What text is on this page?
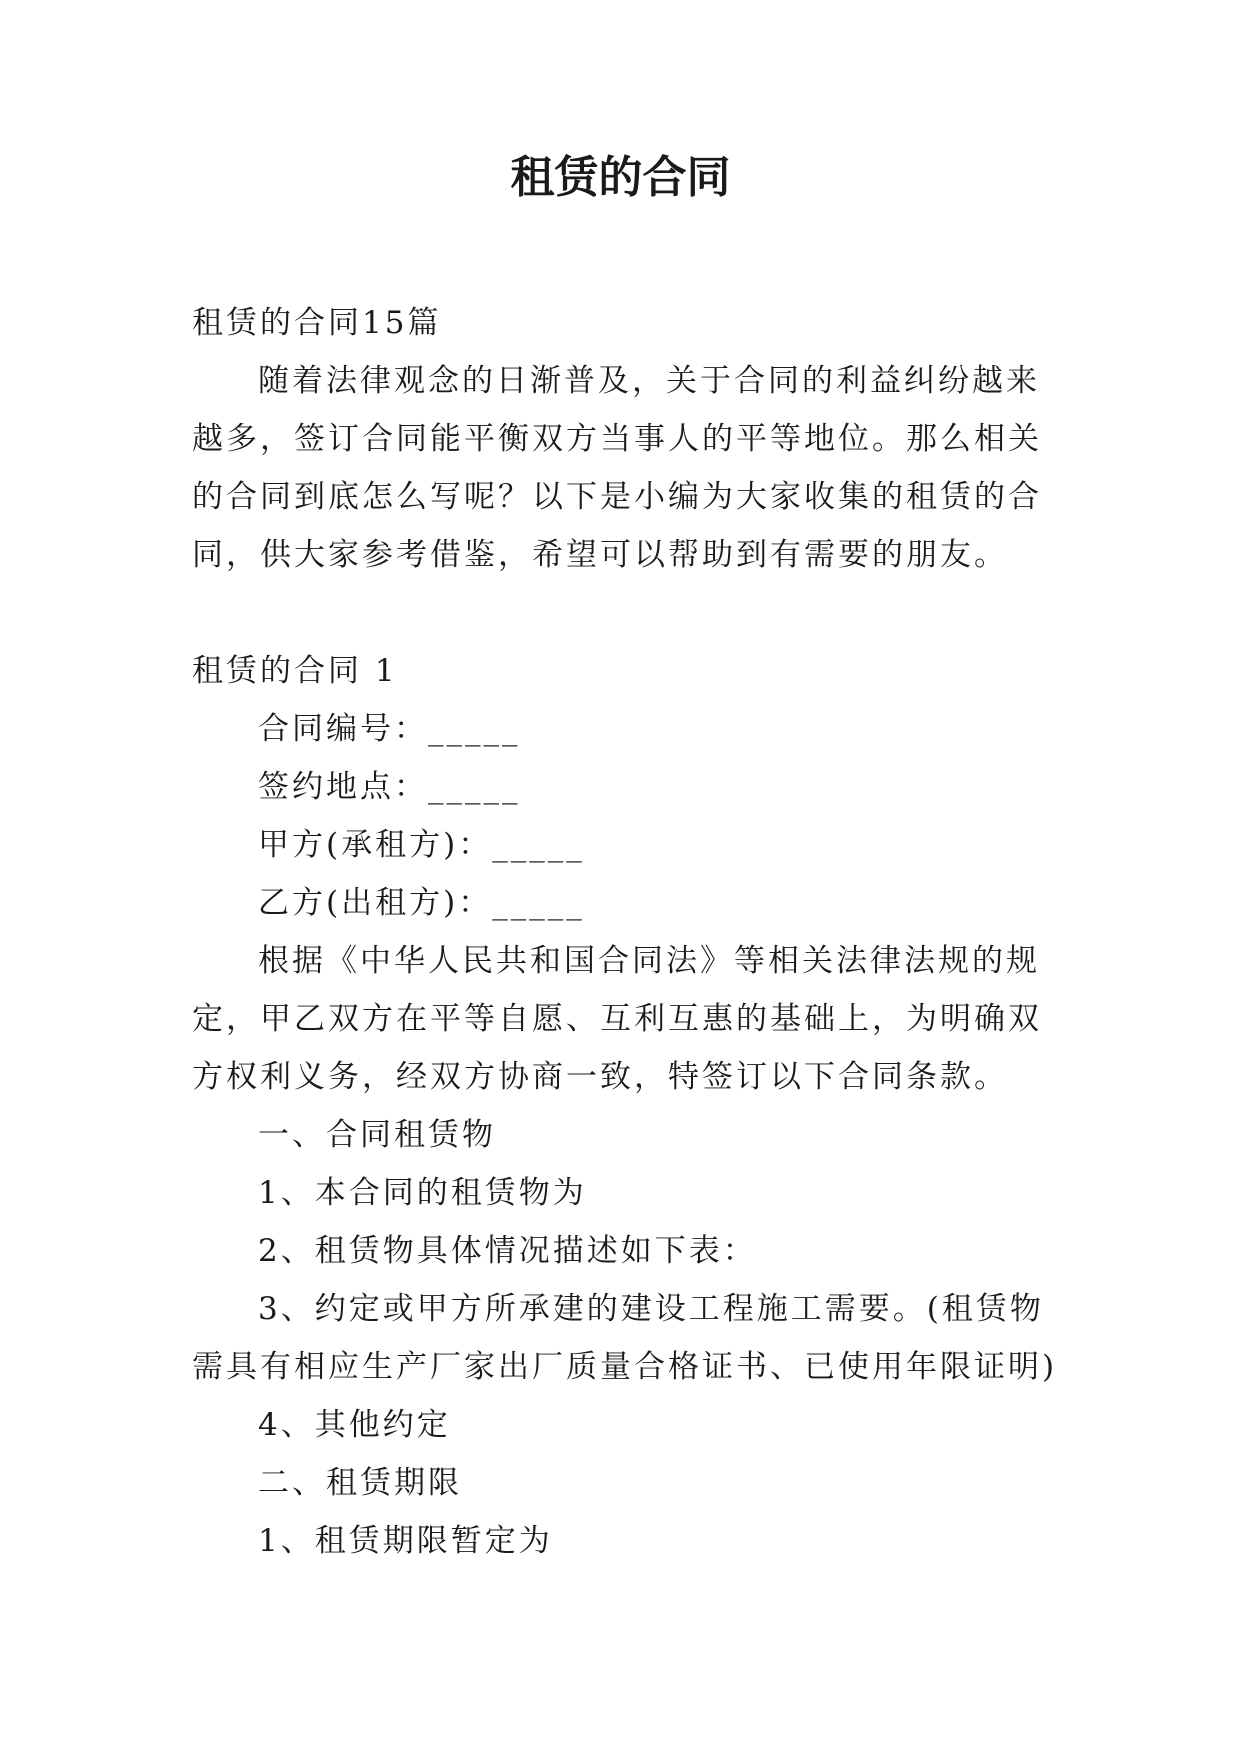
租赁的合同

租赁的合同15篇

随着法律观念的日渐普及，关于合同的利益纠纷越来越多，签订合同能平衡双方当事人的平等地位。那么相关的合同到底怎么写呢？以下是小编为大家收集的租赁的合同，供大家参考借鉴，希望可以帮助到有需要的朋友。

租赁的合同 1

合同编号：_____

签约地点：_____

甲方(承租方)：_____

乙方(出租方)：_____

根据《中华人民共和国合同法》等相关法律法规的规定，甲乙双方在平等自愿、互利互惠的基础上，为明确双方权利义务，经双方协商一致，特签订以下合同条款。

一、合同租赁物

1、本合同的租赁物为

2、租赁物具体情况描述如下表：

3、约定或甲方所承建的建设工程施工需要。(租赁物需具有相应生产厂家出厂质量合格证书、已使用年限证明)

4、其他约定

二、租赁期限

1、租赁期限暂定为
